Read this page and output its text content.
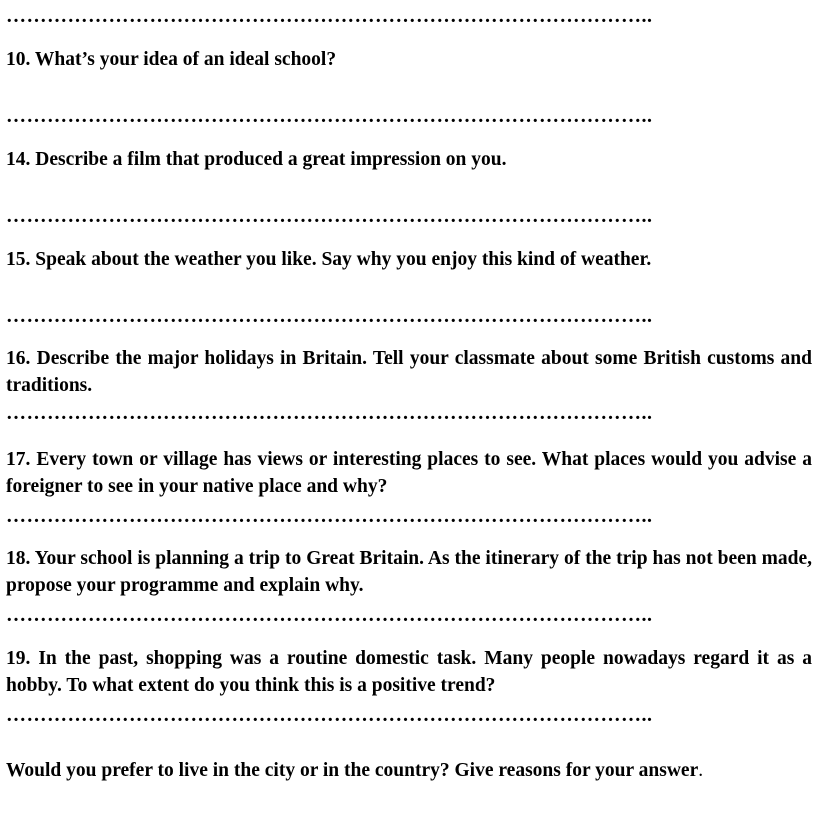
…………………………………………………………………………………..
10. What’s your idea of an ideal school?
…………………………………………………………………………………..
14. Describe a film that produced a great impression on you.
…………………………………………………………………………………..
15. Speak about the weather you like. Say why you enjoy this kind of weather.
…………………………………………………………………………………..
16. Describe the major holidays in Britain. Tell your classmate about some British customs and traditions.
…………………………………………………………………………………..
17. Every town or village has views or interesting places to see. What places would you advise a foreigner to see in your native place and why?
…………………………………………………………………………………..
18. Your school is planning a trip to Great Britain. As the itinerary of the trip has not been made, propose your programme and explain why.
…………………………………………………………………………………..
19. In the past, shopping was a routine domestic task. Many people nowadays regard it as a hobby. To what extent do you think this is a positive trend?
…………………………………………………………………………………..
Would you prefer to live in the city or in the country? Give reasons for your answer.
